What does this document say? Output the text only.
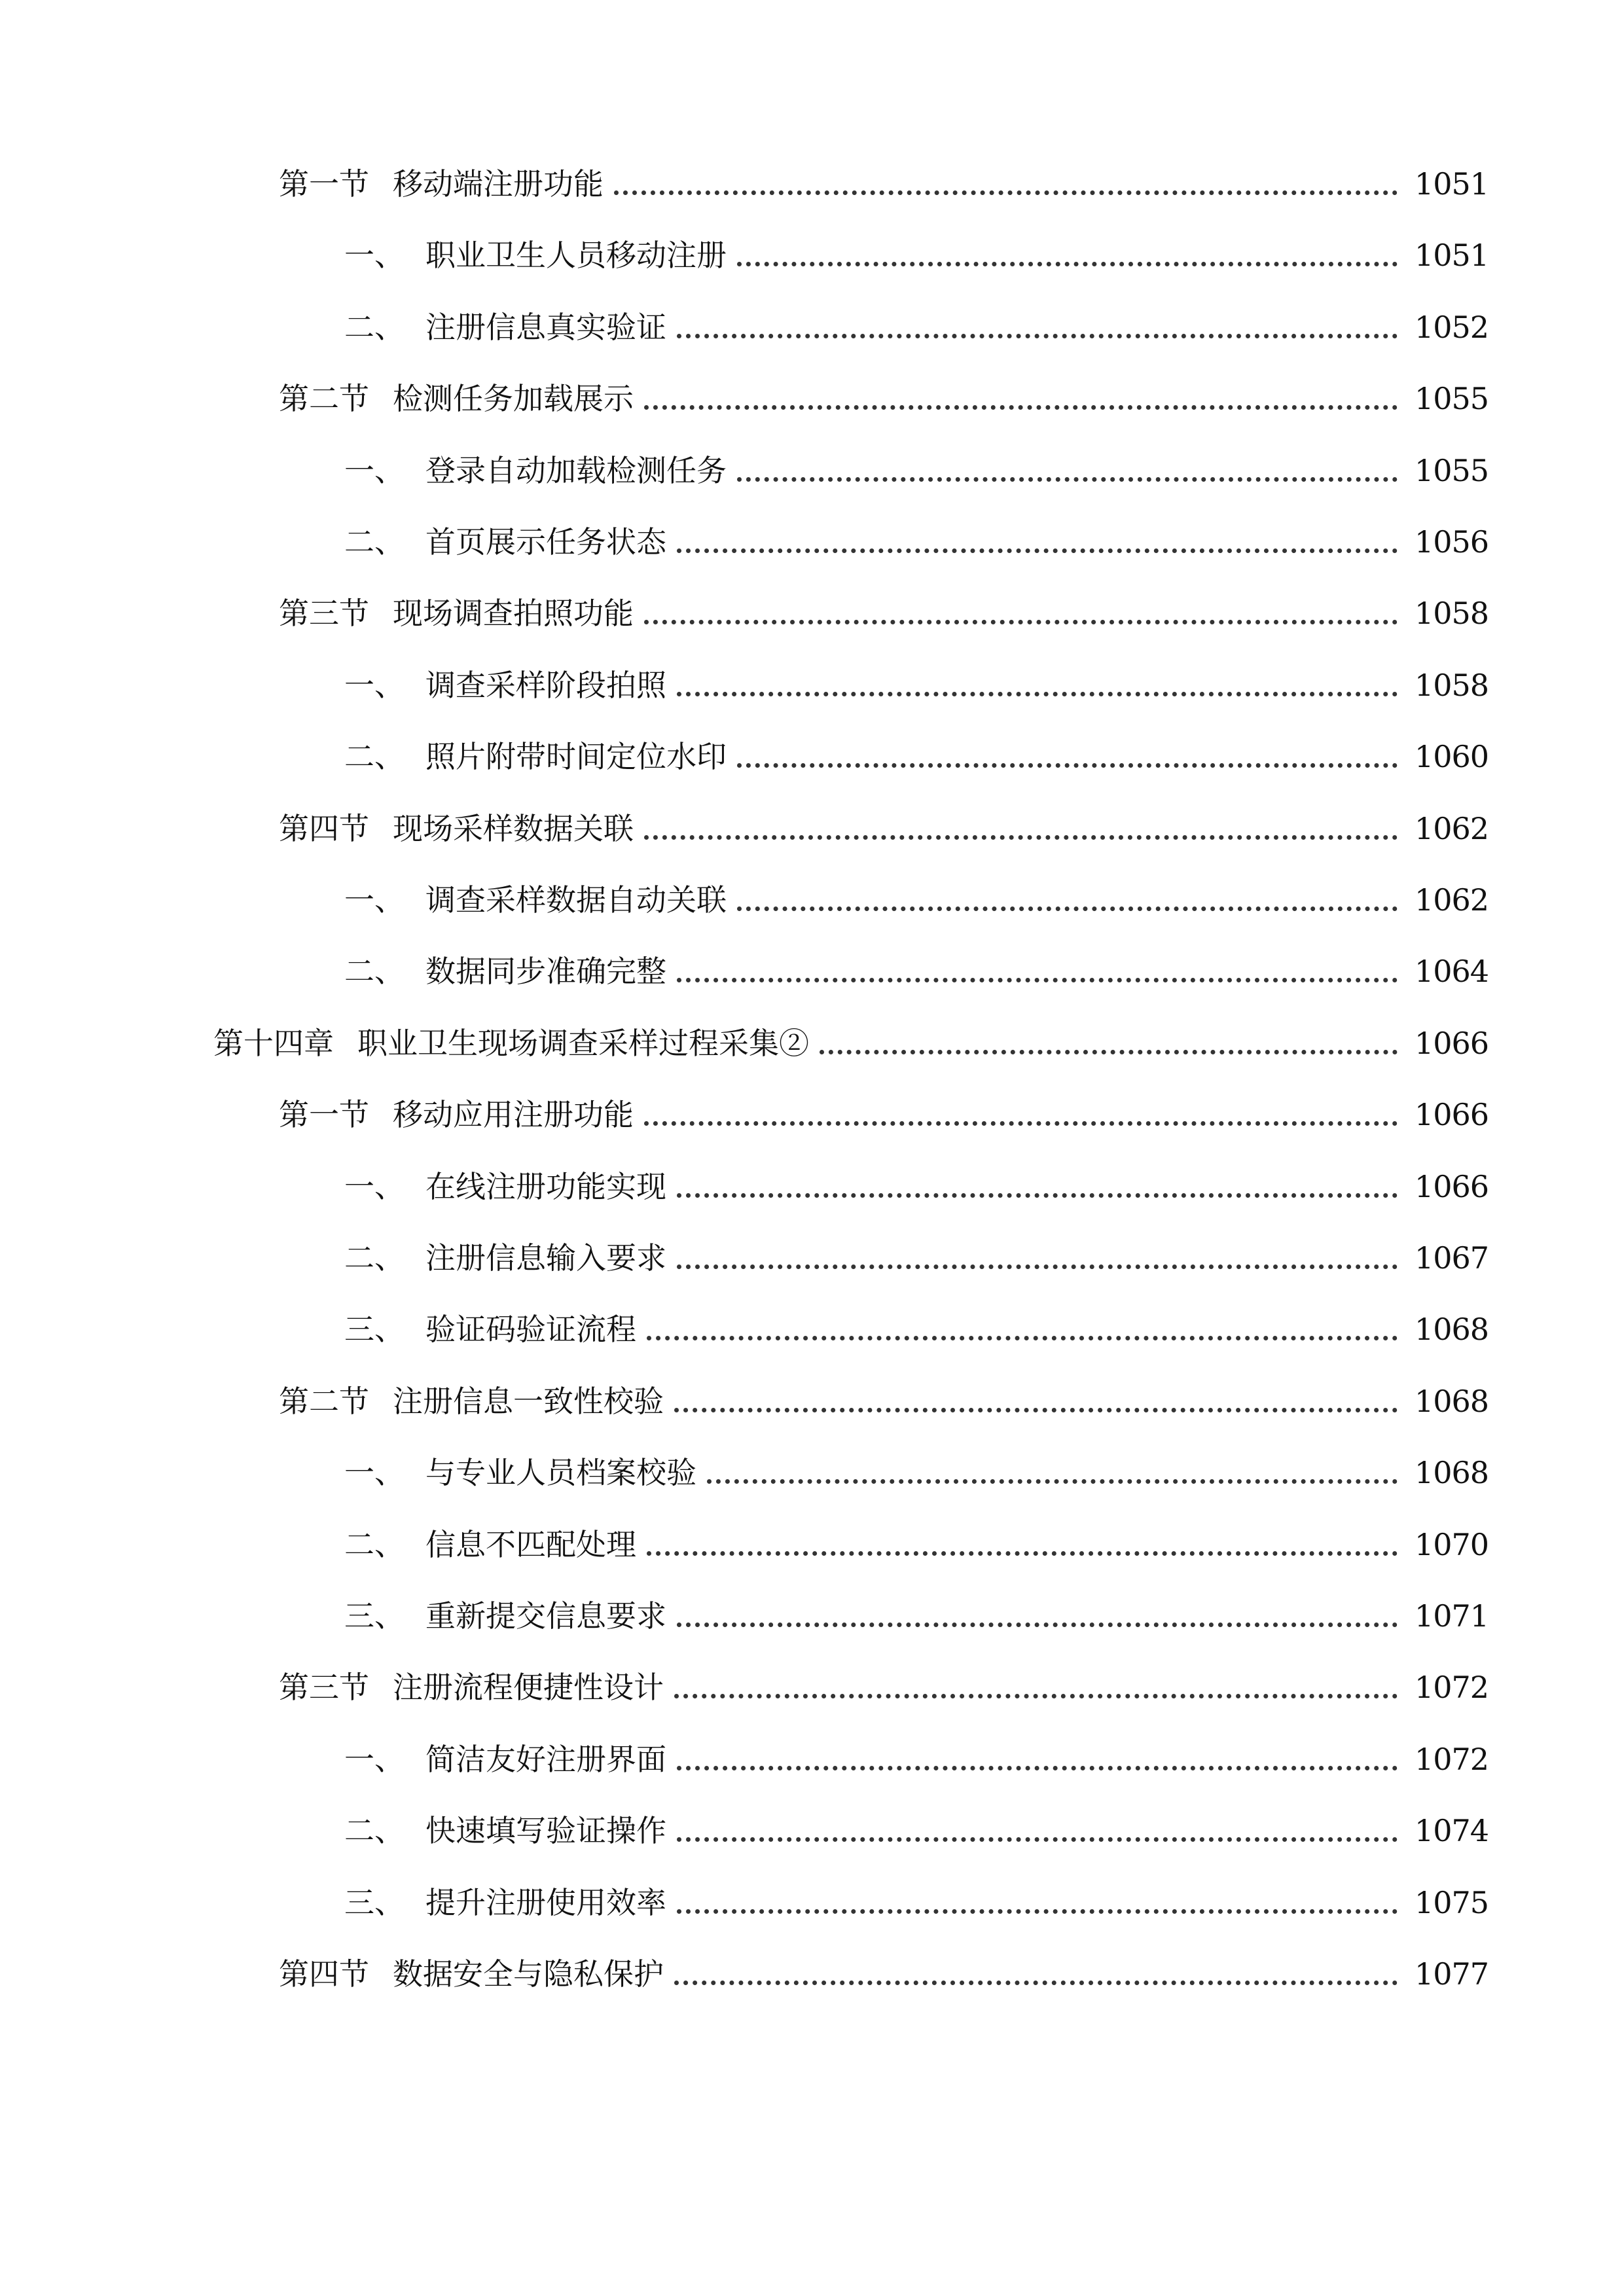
第一节 移动端注册功能	1051
一、 职业卫生人员移动注册	1051
二、 注册信息真实验证	1052
第二节 检测任务加载展示	1055
一、 登录自动加载检测任务	1055
二、 首页展示任务状态	1056
第三节 现场调查拍照功能	1058
一、 调查采样阶段拍照	1058
二、 照片附带时间定位水印	1060
第四节 现场采样数据关联	1062
一、 调查采样数据自动关联	1062
二、 数据同步准确完整	1064
第十四章 职业卫生现场调查采样过程采集②	1066
第一节 移动应用注册功能	1066
一、 在线注册功能实现	1066
二、 注册信息输入要求	1067
三、 验证码验证流程	1068
第二节 注册信息一致性校验	1068
一、 与专业人员档案校验	1068
二、 信息不匹配处理	1070
三、 重新提交信息要求	1071
第三节 注册流程便捷性设计	1072
一、 简洁友好注册界面	1072
二、 快速填写验证操作	1074
三、 提升注册使用效率	1075
第四节 数据安全与隐私保护	1077
